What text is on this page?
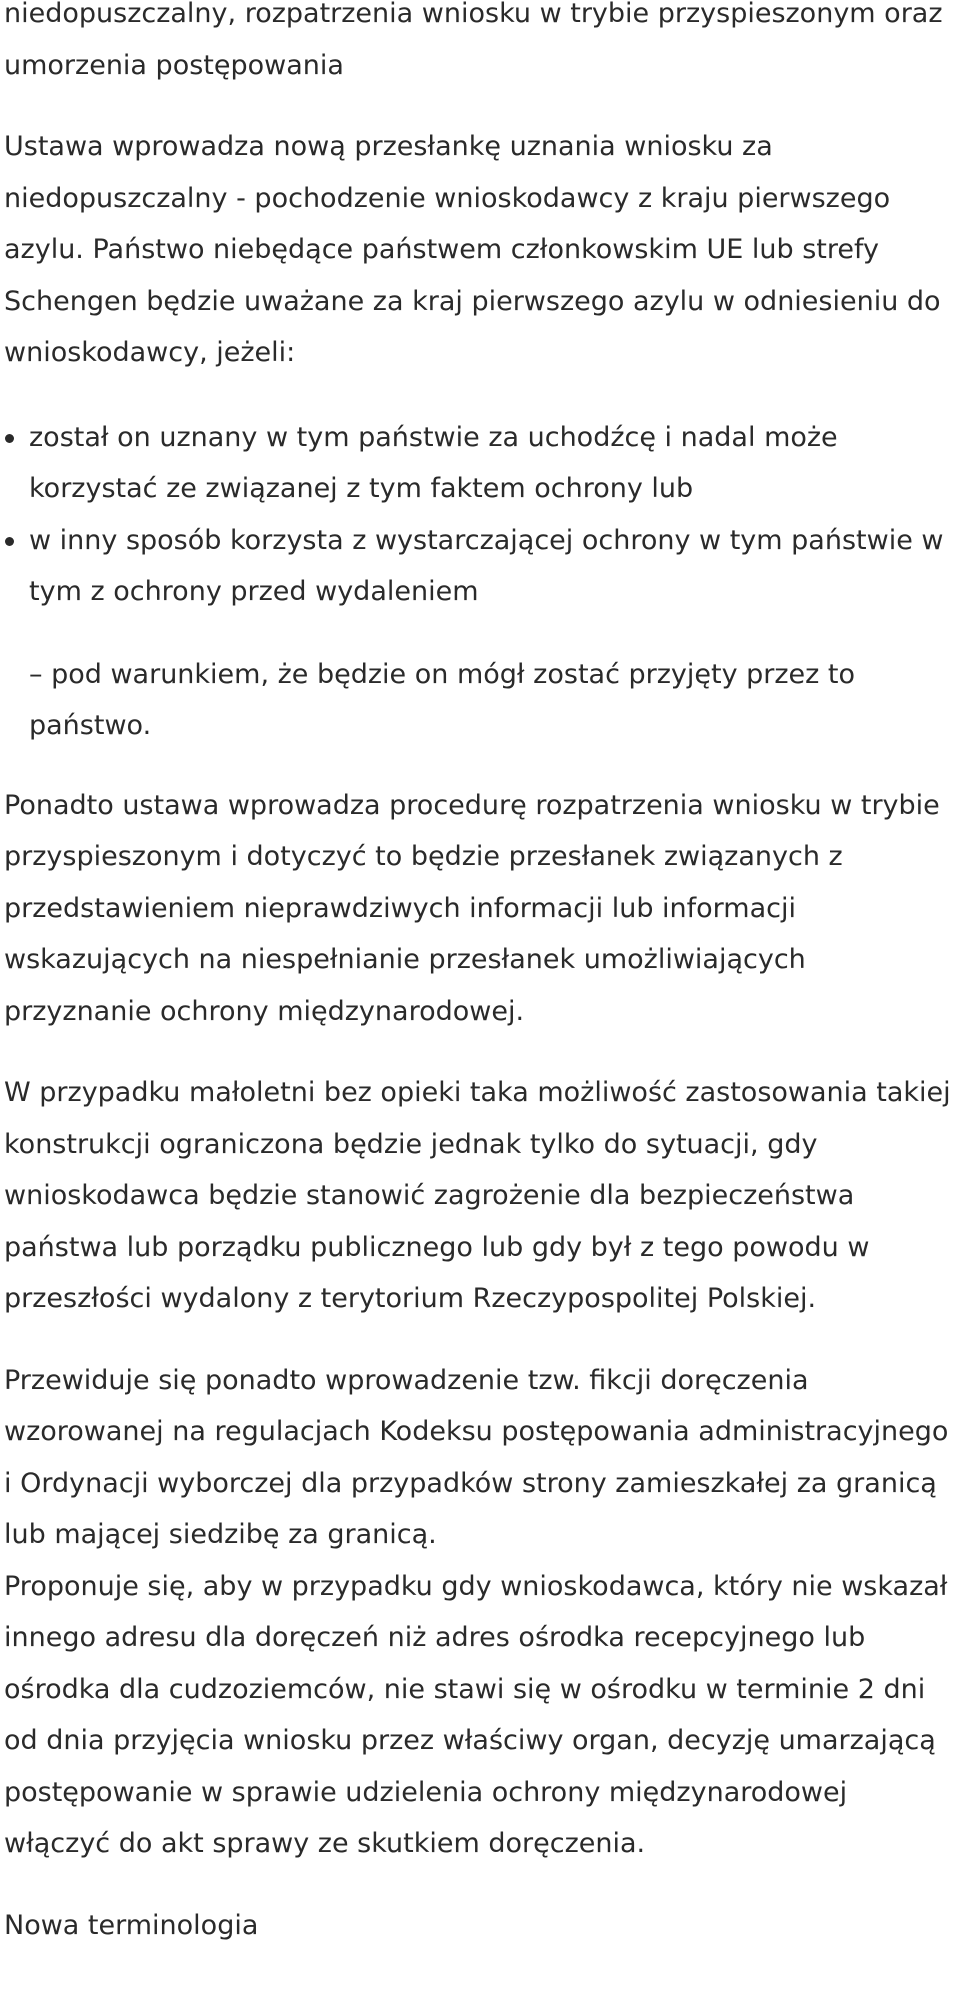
niedopuszczalny, rozpatrzenia wniosku w trybie przyspieszonym oraz umorzenia postępowania

Ustawa wprowadza nową przesłankę uznania wniosku za niedopuszczalny - pochodzenie wnioskodawcy z kraju pierwszego azylu. Państwo niebędące państwem członkowskim UE lub strefy Schengen będzie uważane za kraj pierwszego azylu w odniesieniu do wnioskodawcy, jeżeli:

został on uznany w tym państwie za uchodźcę i nadal może korzystać ze związanej z tym faktem ochrony lub
w inny sposób korzysta z wystarczającej ochrony w tym państwie w tym z ochrony przed wydaleniem

– pod warunkiem, że będzie on mógł zostać przyjęty przez to państwo.

Ponadto ustawa wprowadza procedurę rozpatrzenia wniosku w trybie przyspieszonym i dotyczyć to będzie przesłanek związanych z przedstawieniem nieprawdziwych informacji lub informacji wskazujących na niespełnianie przesłanek umożliwiających przyznanie ochrony międzynarodowej.

W przypadku małoletni bez opieki taka możliwość zastosowania takiej konstrukcji ograniczona będzie jednak tylko do sytuacji, gdy wnioskodawca będzie stanowić zagrożenie dla bezpieczeństwa państwa lub porządku publicznego lub gdy był z tego powodu w przeszłości wydalony z terytorium Rzeczypospolitej Polskiej.

Przewiduje się ponadto wprowadzenie tzw. fikcji doręczenia wzorowanej na regulacjach Kodeksu postępowania administracyjnego i Ordynacji wyborczej dla przypadków strony zamieszkałej za granicą lub mającej siedzibę za granicą.

Proponuje się, aby w przypadku gdy wnioskodawca, który nie wskazał innego adresu dla doręczeń niż adres ośrodka recepcyjnego lub ośrodka dla cudzoziemców, nie stawi się w ośrodku w terminie 2 dni od dnia przyjęcia wniosku przez właściwy organ, decyzję umarzającą postępowanie w sprawie udzielenia ochrony międzynarodowej włączyć do akt sprawy ze skutkiem doręczenia.

Nowa terminologia
